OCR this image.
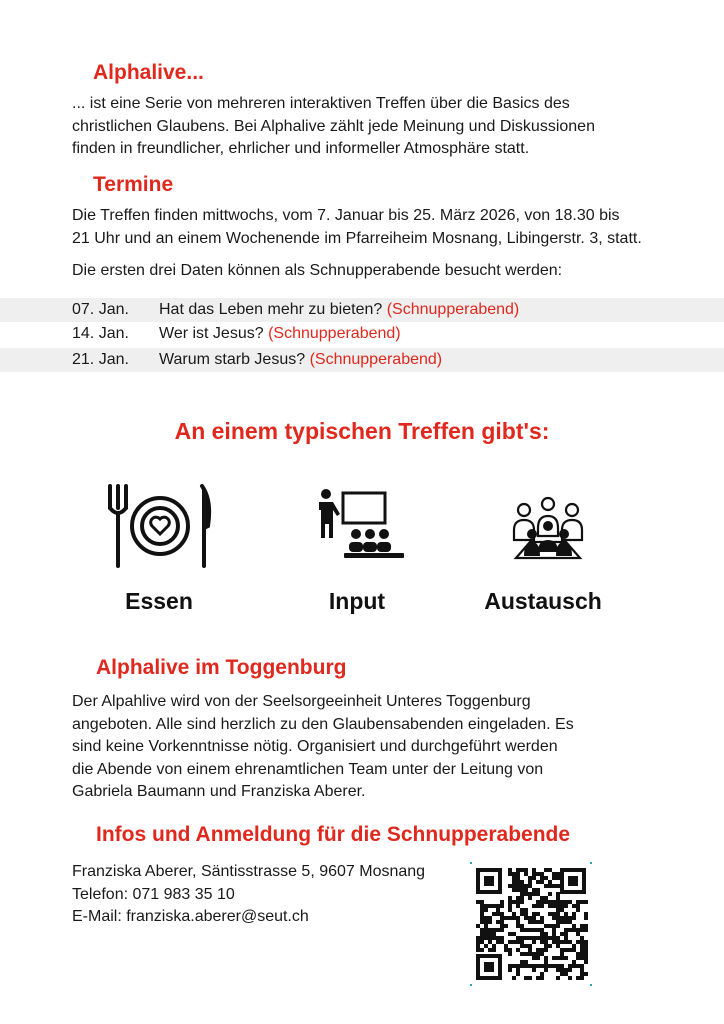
Alphalive...
... ist eine Serie von mehreren interaktiven Treffen über die Basics des
christlichen Glaubens. Bei Alphalive zählt jede Meinung und Diskussionen
finden in freundlicher, ehrlicher und informeller Atmosphäre statt.
Termine
Die Treffen finden mittwochs, vom 7. Januar bis 25. März 2026, von 18.30 bis
21 Uhr und an einem Wochenende im Pfarreiheim Mosnang, Libingerstr. 3, statt.
Die ersten drei Daten können als Schnupperabende besucht werden:
07. Jan. Hat das Leben mehr zu bieten? (Schnupperabend)
14. Jan. Wer ist Jesus? (Schnupperabend)
21. Jan. Warum starb Jesus? (Schnupperabend)
An einem typischen Treffen gibt's:
Essen	Input	Austausch
Alphalive im Toggenburg
Der Alpahlive wird von der Seelsorgeeinheit Unteres Toggenburg
angeboten. Alle sind herzlich zu den Glaubensabenden eingeladen. Es
sind keine Vorkenntnisse nötig. Organisiert und durchgeführt werden
die Abende von einem ehrenamtlichen Team unter der Leitung von
Gabriela Baumann und Franziska Aberer.
Infos und Anmeldung für die Schnupperabende
Franziska Aberer, Säntisstrasse 5, 9607 Mosnang
Telefon: 071 983 35 10
E-Mail: franziska.aberer@seut.ch
